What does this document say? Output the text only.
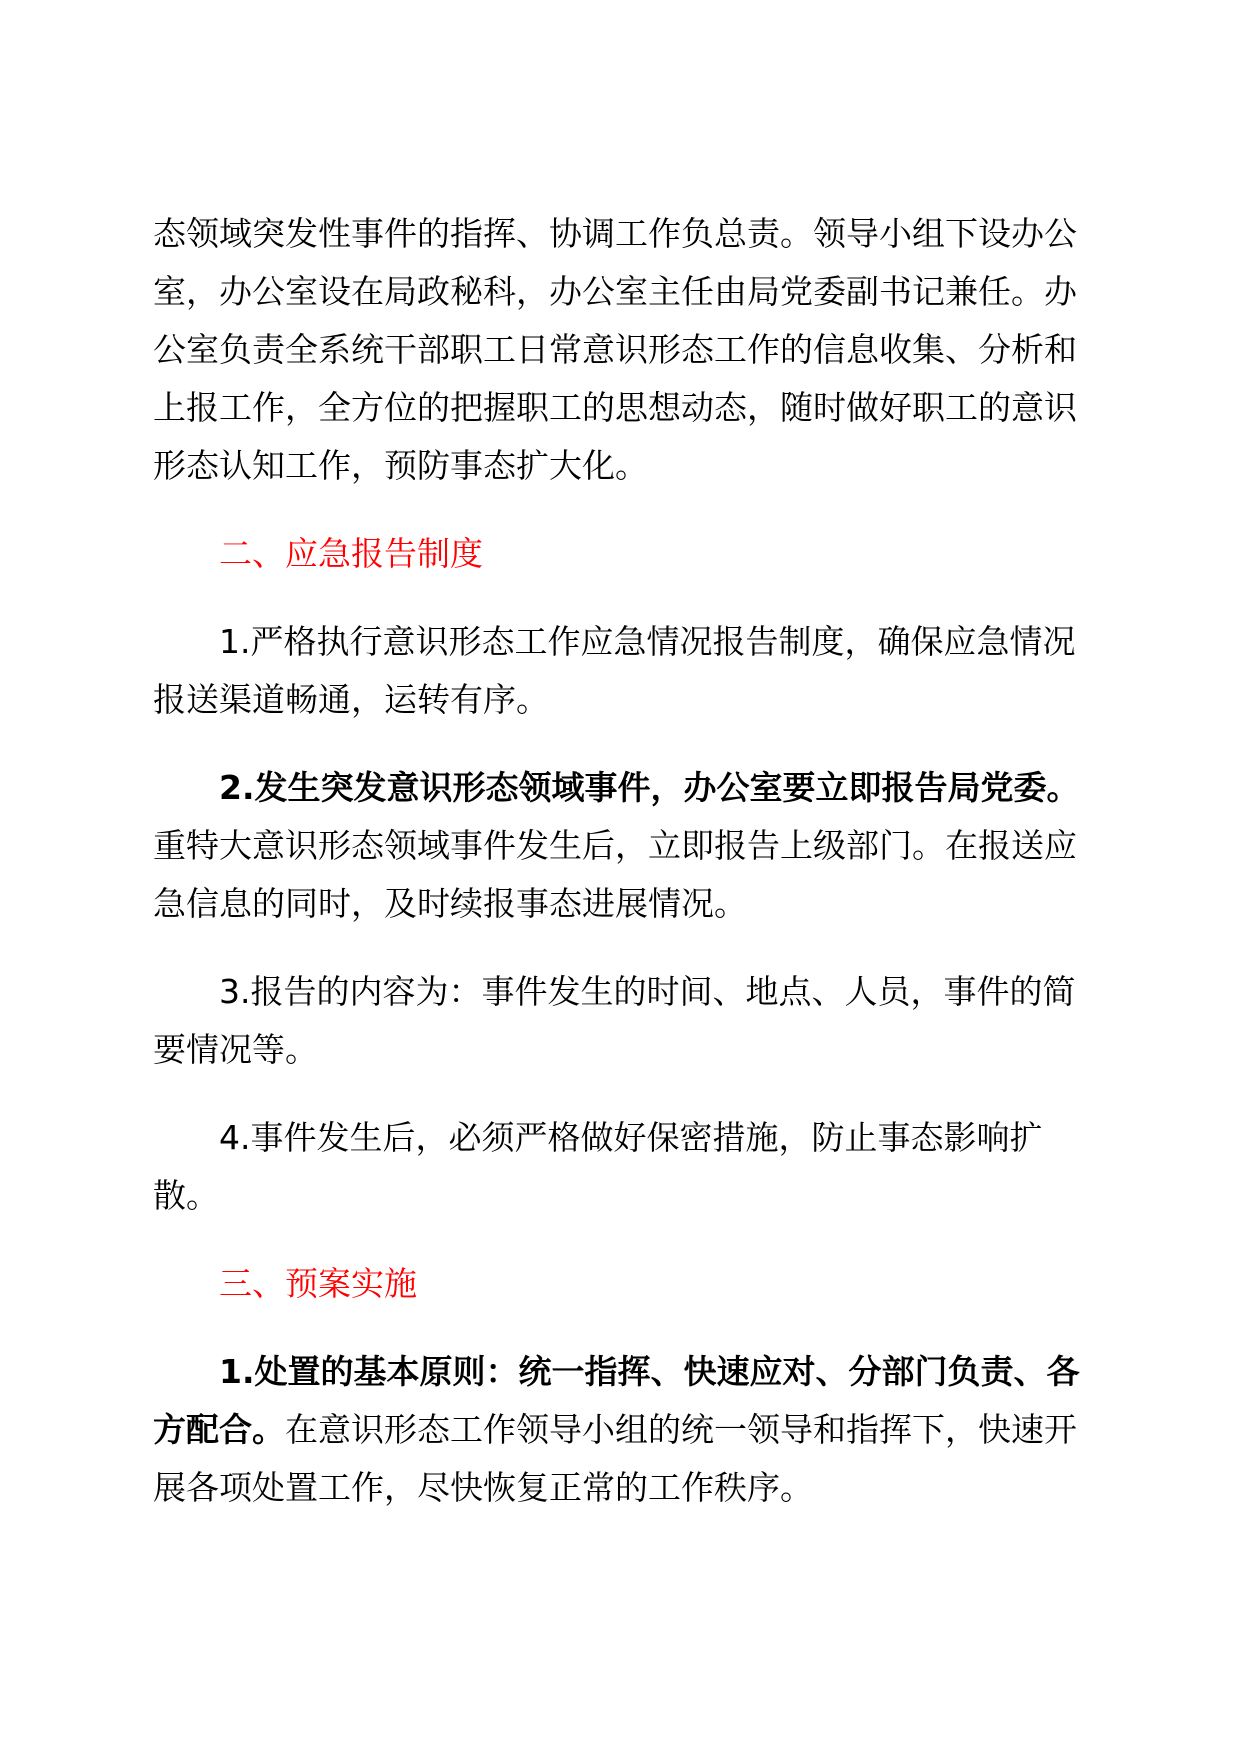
态领域突发性事件的指挥、协调工作负总责。领导小组下设办公室，办公室设在局政秘科，办公室主任由局党委副书记兼任。办公室负责全系统干部职工日常意识形态工作的信息收集、分析和上报工作，全方位的把握职工的思想动态，随时做好职工的意识形态认知工作，预防事态扩大化。

二、应急报告制度

1.严格执行意识形态工作应急情况报告制度，确保应急情况报送渠道畅通，运转有序。

2.发生突发意识形态领域事件，办公室要立即报告局党委。重特大意识形态领域事件发生后，立即报告上级部门。在报送应急信息的同时，及时续报事态进展情况。

3.报告的内容为：事件发生的时间、地点、人员，事件的简要情况等。

4.事件发生后，必须严格做好保密措施，防止事态影响扩散。

三、预案实施

1.处置的基本原则：统一指挥、快速应对、分部门负责、各方配合。在意识形态工作领导小组的统一领导和指挥下，快速开展各项处置工作，尽快恢复正常的工作秩序。
